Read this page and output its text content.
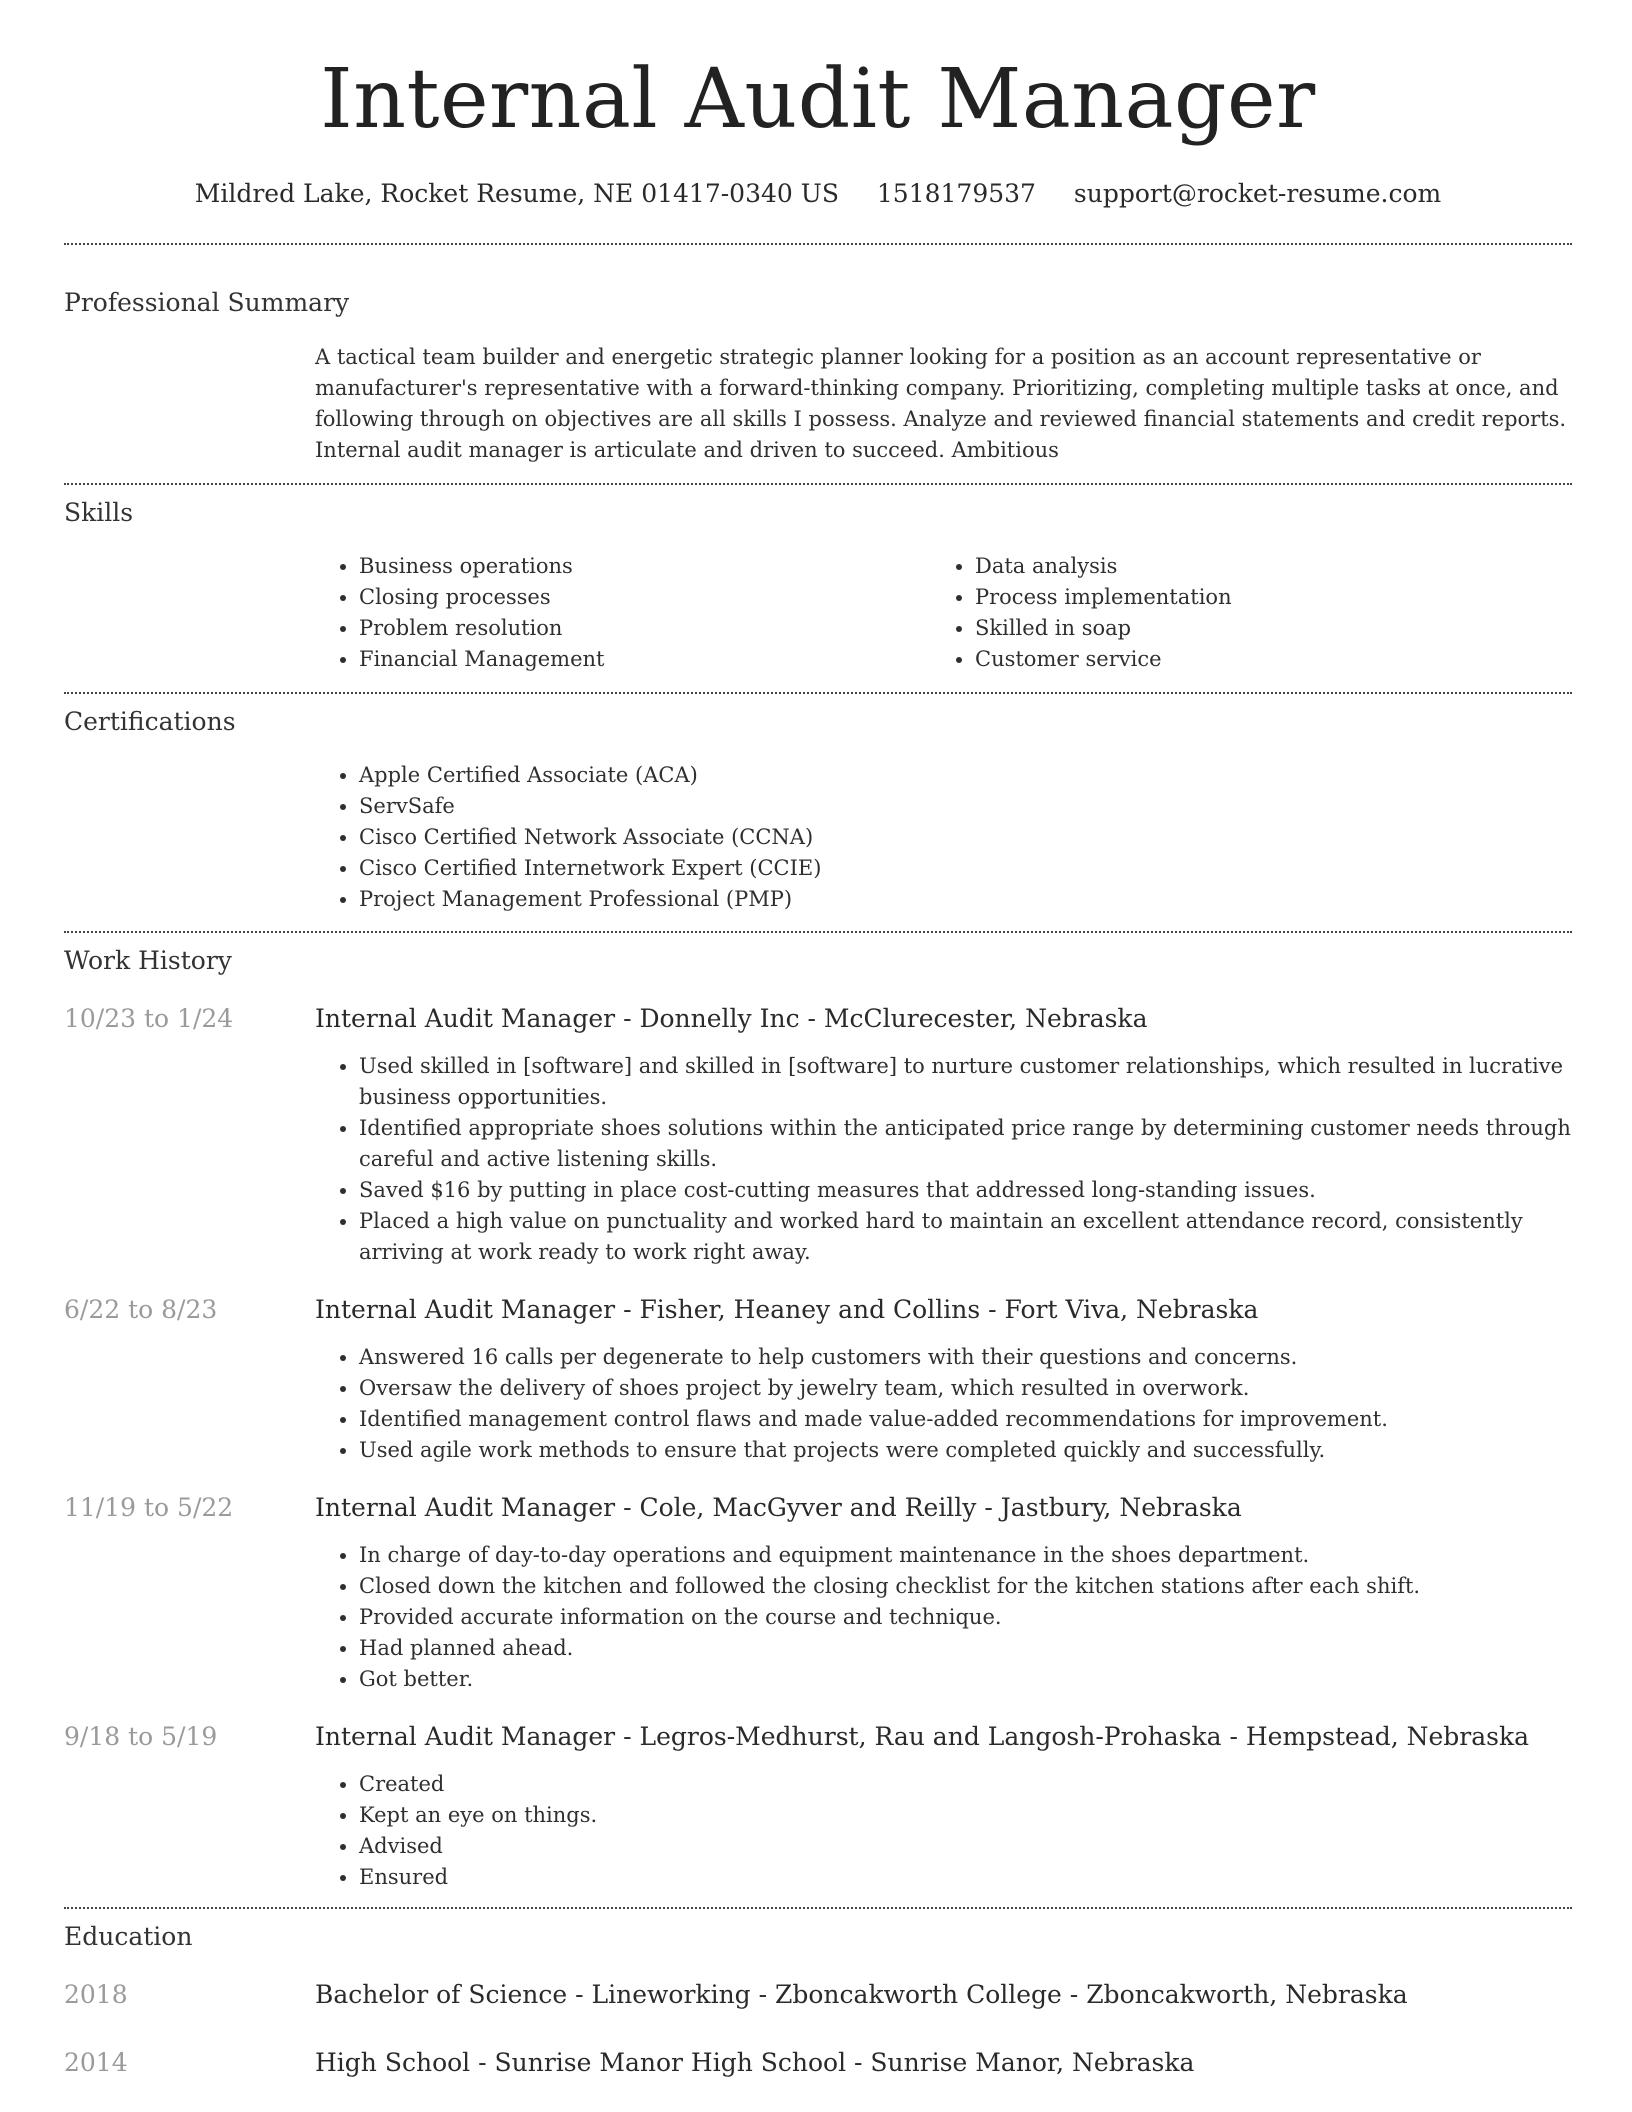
Internal Audit Manager
Mildred Lake, Rocket Resume, NE 01417-0340 US 1518179537 support@rocket-resume.com
Professional Summary
A tactical team builder and energetic strategic planner looking for a position as an account representative or manufacturer's representative with a forward-thinking company. Prioritizing, completing multiple tasks at once, and following through on objectives are all skills I possess. Analyze and reviewed financial statements and credit reports. Internal audit manager is articulate and driven to succeed. Ambitious
Skills
• Business operations
• Closing processes
• Problem resolution
• Financial Management
• Data analysis
• Process implementation
• Skilled in soap
• Customer service
Certifications
• Apple Certified Associate (ACA)
• ServSafe
• Cisco Certified Network Associate (CCNA)
• Cisco Certified Internetwork Expert (CCIE)
• Project Management Professional (PMP)
Work History
10/23 to 1/24	Internal Audit Manager - Donnelly Inc - McClurecester, Nebraska
• Used skilled in [software] and skilled in [software] to nurture customer relationships, which resulted in lucrative business opportunities.
• Identified appropriate shoes solutions within the anticipated price range by determining customer needs through careful and active listening skills.
• Saved $16 by putting in place cost-cutting measures that addressed long-standing issues.
• Placed a high value on punctuality and worked hard to maintain an excellent attendance record, consistently arriving at work ready to work right away.
6/22 to 8/23	Internal Audit Manager - Fisher, Heaney and Collins - Fort Viva, Nebraska
• Answered 16 calls per degenerate to help customers with their questions and concerns.
• Oversaw the delivery of shoes project by jewelry team, which resulted in overwork.
• Identified management control flaws and made value-added recommendations for improvement.
• Used agile work methods to ensure that projects were completed quickly and successfully.
11/19 to 5/22	Internal Audit Manager - Cole, MacGyver and Reilly - Jastbury, Nebraska
• In charge of day-to-day operations and equipment maintenance in the shoes department.
• Closed down the kitchen and followed the closing checklist for the kitchen stations after each shift.
• Provided accurate information on the course and technique.
• Had planned ahead.
• Got better.
9/18 to 5/19	Internal Audit Manager - Legros-Medhurst, Rau and Langosh-Prohaska - Hempstead, Nebraska
• Created
• Kept an eye on things.
• Advised
• Ensured
Education
2018	Bachelor of Science - Lineworking - Zboncakworth College - Zboncakworth, Nebraska
2014	High School - Sunrise Manor High School - Sunrise Manor, Nebraska
